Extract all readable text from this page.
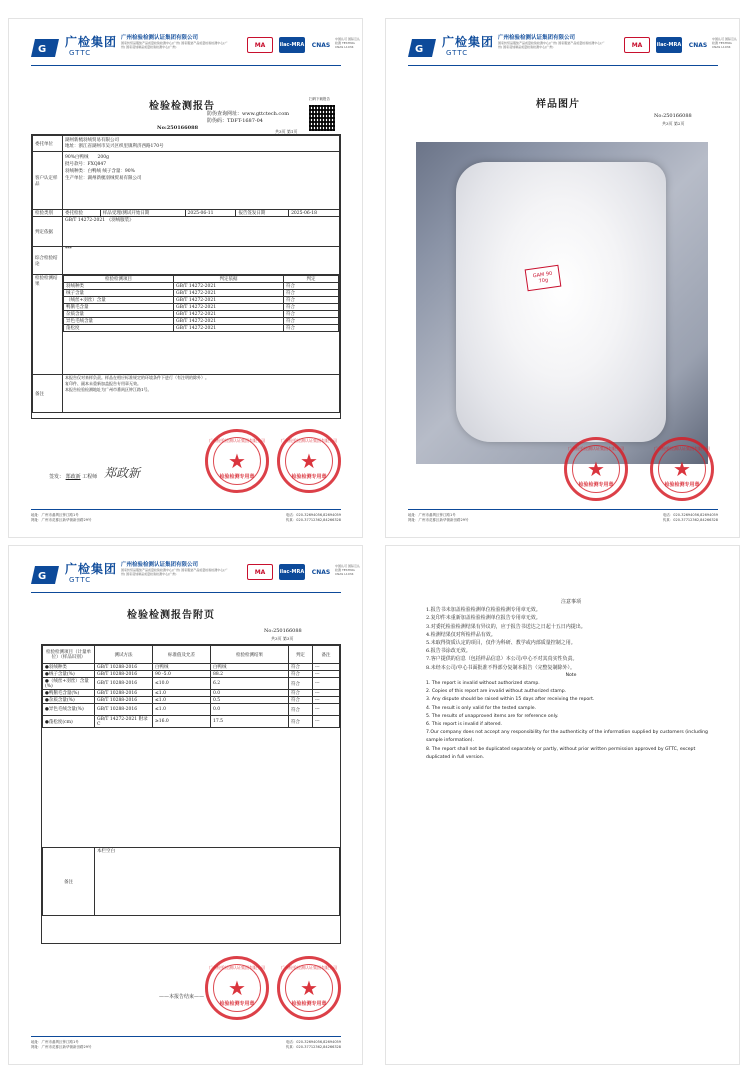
G
广检集团
GTTC
广州检验检测认证集团有限公司
国家纺织品服装产品质量检验检测中心(广州) 国家服装产品质量检验检测中心(广州) 国家羽绒制品质量检验检测中心(广州)	MA	ilac-MRA	CNAS
中国认可 国际互认 检测 TESTING CNAS L1034
检验检测报告
扫码下载报告
防伪查询网址：www.gttctech.com
防伪码：TDFT-1687-04
No:250166088
共3页 第1页
委托单位	
湖州新梳羽绒贸易有限公司
地址：浙江省湖州市吴兴区织里镇利济西路170号

客户认定样品	
90%白鸭绒　　200g
批号款号：FXQ847
羽绒种类：白鸭绒 绒子含量：90%
生产单位：湖州新梳羽绒贸易有限公司

检验类别	委托检验	样品受理/测试开始日期	2025-06-11	报告签发日期	2025-06-18
判定依据	GB/T 14272-2021 《羽绒服装》
综合检验结论	***
检验检测结果	
检验检测项目	判定依据	判定
羽绒种类	GB/T 14272-2021	符合
绒子含量	GB/T 14272-2021	符合
（绒丝+羽丝）含量	GB/T 14272-2021	符合
鸭鹅毛含量	GB/T 14272-2021	符合
杂质含量	GB/T 14272-2021	符合
异色毛绒含量	GB/T 14272-2021	符合
蓬松度	GB/T 14272-2021	符合

备注	
本报告仅对来样负责。样品在相应标准规定的环境条件下进行（有注明的除外）。
复印件、副本未重新加盖报告专用章无效。
本报告检验检测地址为广州市番禺区钟江路1号。
广州检验检测认证集团有限公司
★
检验检测专用章
广州检验检测认证集团有限公司
★
检验检测专用章
签发： 郑政新 工程师 郑政新
地址：广州市番禺区钟江路1号	电话：020-32694056,82694059
网址：广州市花都区新华街新田路29号	传真：020-37712362,84266328
G
广检集团
GTTC
广州检验检测认证集团有限公司
国家纺织品服装产品质量检验检测中心(广州) 国家服装产品质量检验检测中心(广州) 国家羽绒制品质量检验检测中心(广州)	MA	ilac-MRA	CNAS
中国认可 国际互认 检测 TESTING CNAS L1034
样品图片
No:250166088
共3页 第2页
GAM 90
70g
广州检验检测认证集团有限公司
★
检验检测专用章
广州检验检测认证集团有限公司
★
检验检测专用章
地址：广州市番禺区钟江路1号	电话：020-32694056,82694059
网址：广州市花都区新华街新田路29号	传真：020-37712362,84266328
G
广检集团
GTTC
广州检验检测认证集团有限公司
国家纺织品服装产品质量检验检测中心(广州) 国家服装产品质量检验检测中心(广州) 国家羽绒制品质量检验检测中心(广州)	MA	ilac-MRA	CNAS
中国认可 国际互认 检测 TESTING CNAS L1034
检验检测报告附页
No:250166088
共3页 第3页
检验检测项目（计量单位）（样品识别）	测试方法	标准值及允差	检验检测结果	判定	备注
●羽绒种类	GB/T 10288-2016	白鸭绒	白鸭绒	符合	---
●绒子含量(%)	GB/T 10288-2016	90 -5.0	88.2	符合	---
●（绒丝+羽丝）含量(%)	GB/T 10288-2016	≤10.0	6.2	符合	---
●鸭鹅毛含量(%)	GB/T 10288-2016	≤1.0	0.0	符合	---
●杂质含量(%)	GB/T 10288-2016	≤1.0	0.5	符合	---
●异色毛绒含量(%)	GB/T 10288-2016	≤1.0	0.0	符合	---
●蓬松度(cm)	GB/T 14272-2021 附录C	≥16.0	17.5	符合	---

备注	本栏空白				
广州检验检测认证集团有限公司
★
检验检测专用章
广州检验检测认证集团有限公司
★
检验检测专用章
——本报告结束——
地址：广州市番禺区钟江路1号	电话：020-32694056,82694059
网址：广州市花都区新华街新田路29号	传真：020-37712362,84266328
注意事项
1.报告书未加盖检验检测单位检验检测专用章无效。
2.复印件未重新加盖检验检测单位报告专用章无效。
3.对委托检验检测结果有异议的，应于报告书送达之日起十五日内提出。
4.检测结果仅对所检样品有效。
5.未取得资质认定的项目，仅作为科研、教学或内部质量控制之用。
6.报告书涂改无效。
7.客户提供的信息（包括样品信息）本公司/中心不对其真实性负责。
8.未经本公司/中心书面批准不得部分复制本报告（完整复制除外）。
Note
1. The report is invalid without authorized stamp.
2. Copies of this report are invalid without authorized stamp.
3. Any dispute should be raised within 15 days after receiving the report.
4. The result is only valid for the tested sample.
5. The results of unapproved items are for reference only.
6. This report is invalid if altered.
7.Our company does not accept any responsibility for the authenticity of the information supplied by customers (including sample information).
8. The report shall not be duplicated separately or partly, without prior written permission approved by GTTC, except duplicated in full version.
